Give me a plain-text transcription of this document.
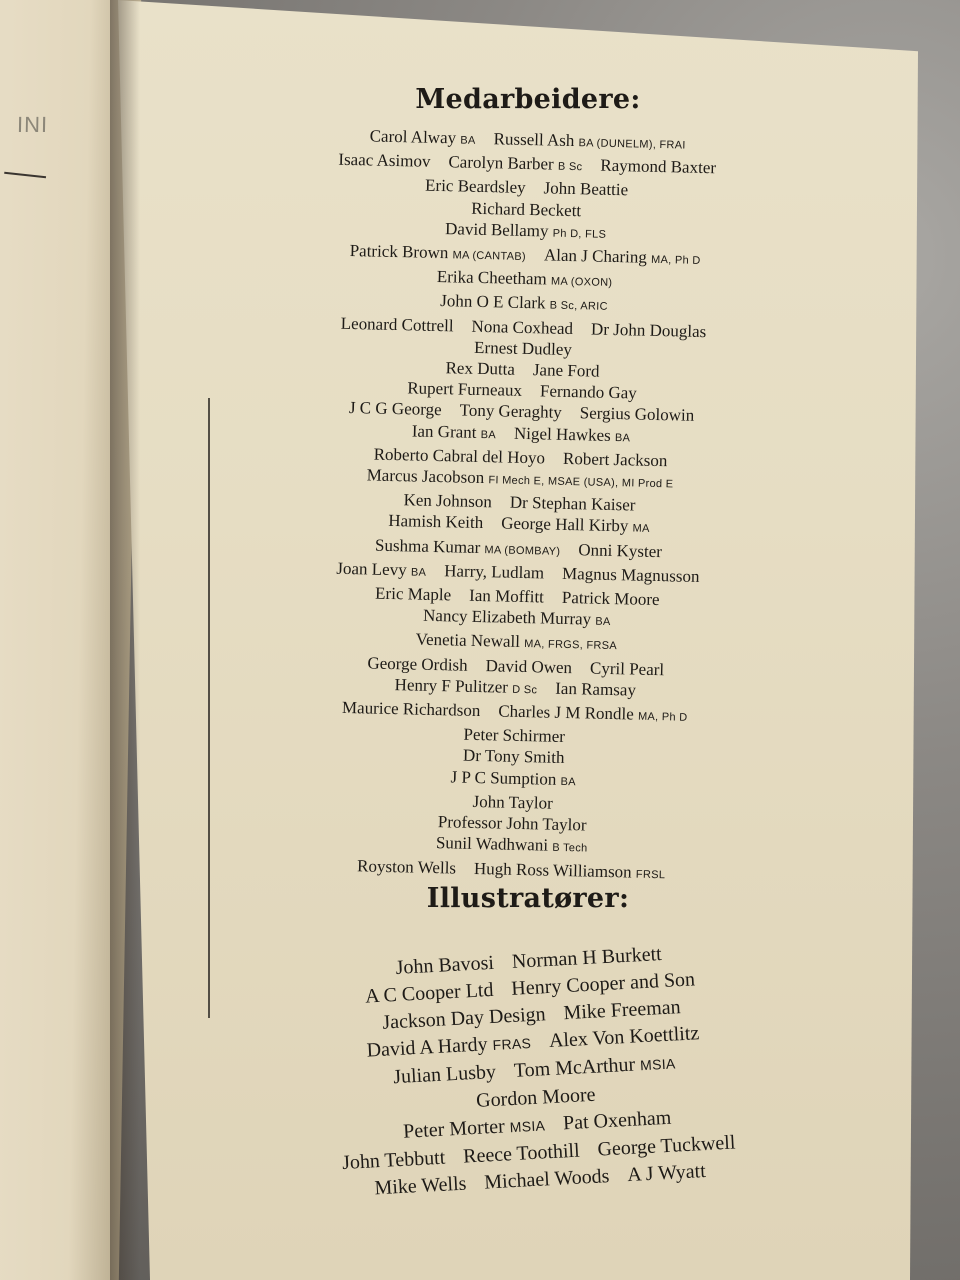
INI
Medarbeidere:
Carol Alway BA Russell Ash BA (DUNELM), FRAI
Isaac Asimov Carolyn Barber B Sc Raymond Baxter
Eric Beardsley John Beattie
Richard Beckett
David Bellamy Ph D, FLS
Patrick Brown MA (CANTAB) Alan J Charing MA, Ph D
Erika Cheetham MA (OXON)
John O E Clark B Sc, ARIC
Leonard Cottrell Nona Coxhead Dr John Douglas
Ernest Dudley
Rex Dutta Jane Ford
Rupert Furneaux Fernando Gay
J C G George Tony Geraghty Sergius Golowin
Ian Grant BA Nigel Hawkes BA
Roberto Cabral del Hoyo Robert Jackson
Marcus Jacobson FI Mech E, MSAE (USA), MI Prod E
Ken Johnson Dr Stephan Kaiser
Hamish Keith George Hall Kirby MA
Sushma Kumar MA (BOMBAY) Onni Kyster
Joan Levy BA Harry, Ludlam Magnus Magnusson
Eric Maple Ian Moffitt Patrick Moore
Nancy Elizabeth Murray BA
Venetia Newall MA, FRGS, FRSA
George Ordish David Owen Cyril Pearl
Henry F Pulitzer D Sc Ian Ramsay
Maurice Richardson Charles J M Rondle MA, Ph D
Peter Schirmer
Dr Tony Smith
J P C Sumption BA
John Taylor
Professor John Taylor
Sunil Wadhwani B Tech
Royston Wells Hugh Ross Williamson FRSL
Illustratører:
John Bavosi Norman H Burkett
A C Cooper Ltd Henry Cooper and Son
Jackson Day Design Mike Freeman
David A Hardy FRAS Alex Von Koettlitz
Julian Lusby Tom McArthur MSIA
Gordon Moore
Peter Morter MSIA Pat Oxenham
John Tebbutt Reece Toothill George Tuckwell
Mike Wells Michael Woods A J Wyatt
